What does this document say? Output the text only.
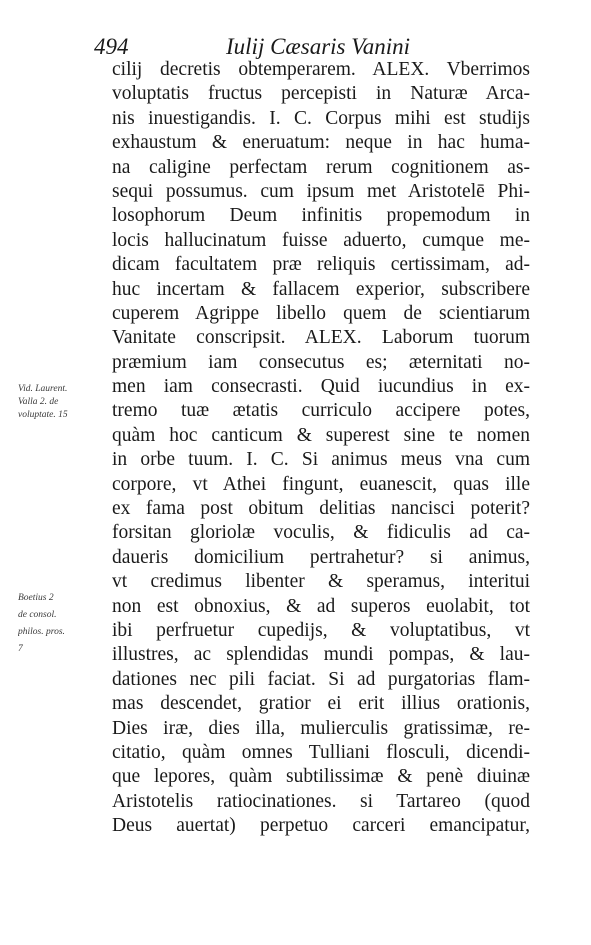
494	Iulij Cæsaris Vanini
cilij decretis obtemperarem. ALEX. Vberrimos
voluptatis fructus percepisti in Naturæ Arca-
nis inuestigandis. I. C. Corpus mihi est studijs
exhaustum & eneruatum: neque in hac huma-
na caligine perfectam rerum cognitionem as-
sequi possumus. cum ipsum met Aristotelē Phi-
losophorum Deum infinitis propemodum in
locis hallucinatum fuisse aduerto, cumque me-
dicam facultatem præ reliquis certissimam, ad-
huc incertam & fallacem experior, subscribere
cuperem Agrippe libello quem de scientiarum
Vanitate conscripsit. ALEX. Laborum tuorum
præmium iam consecutus es; æternitati no-
men iam consecrasti. Quid iucundius in ex-
tremo tuæ ætatis curriculo accipere potes,
quàm hoc canticum & superest sine te nomen
in orbe tuum. I. C. Si animus meus vna cum
corpore, vt Athei fingunt, euanescit, quas ille
ex fama post obitum delitias nancisci poterit?
forsitan gloriolæ voculis, & fidiculis ad ca-
daueris domicilium pertrahetur? si animus,
vt credimus libenter & speramus, interitui
non est obnoxius, & ad superos euolabit, tot
ibi perfruetur cupedijs, & voluptatibus, vt
illustres, ac splendidas mundi pompas, & lau-
dationes nec pili faciat. Si ad purgatorias flam-
mas descendet, gratior ei erit illius orationis,
Dies iræ, dies illa, mulierculis gratissimæ, re-
citatio, quàm omnes Tulliani flosculi, dicendi-
que lepores, quàm subtilissimæ & penè diuinæ
Aristotelis ratiocinationes. si Tartareo (quod
Deus auertat) perpetuo carceri emancipatur,
Vid. Laurent.
Valla 2. de
voluptate. 15
Boetius 2
de consol.
philos. pros.
7
